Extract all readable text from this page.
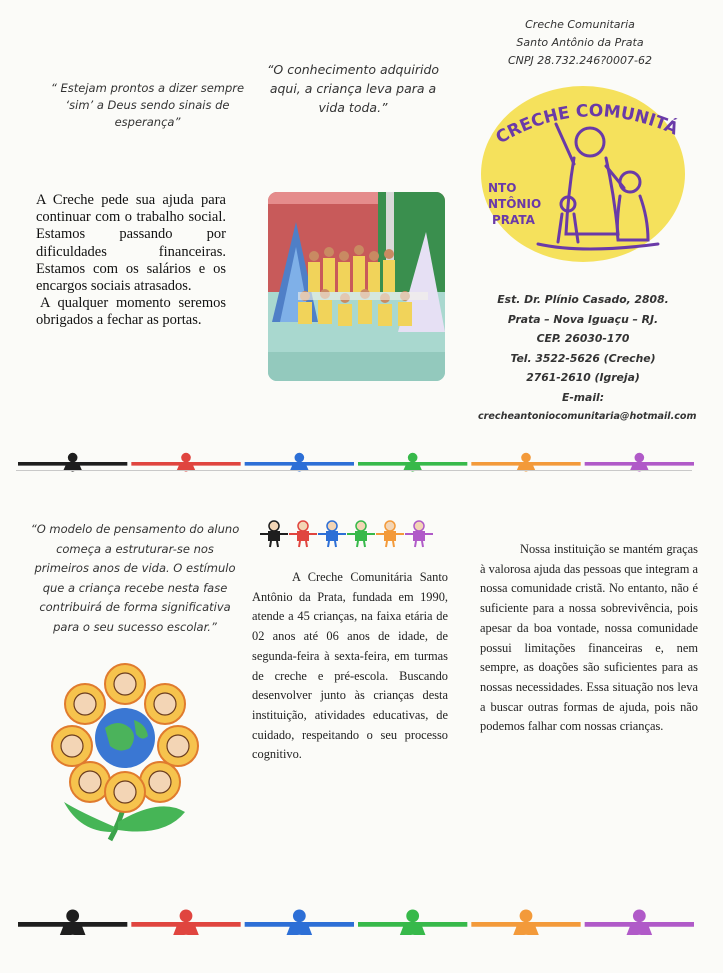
“ Estejam prontos a dizer sempre ‘sim’ a Deus sendo sinais de esperança”

A Creche pede sua ajuda para continuar com o trabalho social. Estamos passando por dificuldades financeiras. Estamos com os salários e os encargos sociais atrasados.

A qualquer momento seremos obrigados a fechar as portas.

“O conhecimento adquirido aqui, a criança leva para a vida toda.”
Creche Comunitaria
Santo Antônio da Prata
CNPJ 28.732.246?0007-62
CRECHE COMUNITÁ
NTO
NTÔNIO
PRATA
Est. Dr. Plínio Casado, 2808.
Prata – Nova Iguaçu – RJ.
CEP. 26030-170
Tel. 3522-5626 (Creche)
2761-2610 (Igreja)
E-mail:
crecheantoniocomunitaria@hotmail.com
“O modelo de pensamento do aluno começa a estruturar-se nos primeiros anos de vida. O estímulo que a criança recebe nesta fase contribuirá de forma significativa para o seu sucesso escolar.”

A Creche Comunitária Santo Antônio da Prata, fundada em 1990, atende a 45 crianças, na faixa etária de 02 anos até 06 anos de idade, de segunda-feira à sexta-feira, em turmas de creche e pré-escola. Buscando desenvolver junto às crianças desta instituição, atividades educativas, de cuidado, respeitando o seu processo cognitivo.

Nossa instituição se mantém graças à valorosa ajuda das pessoas que integram a nossa comunidade cristã. No entanto, não é suficiente para a nossa sobrevivência, pois apesar da boa vontade, nossa comunidade possui limitações financeiras e, nem sempre, as doações são suficientes para as nossas necessidades. Essa situação nos leva a buscar outras formas de ajuda, pois não podemos falhar com nossas crianças.
